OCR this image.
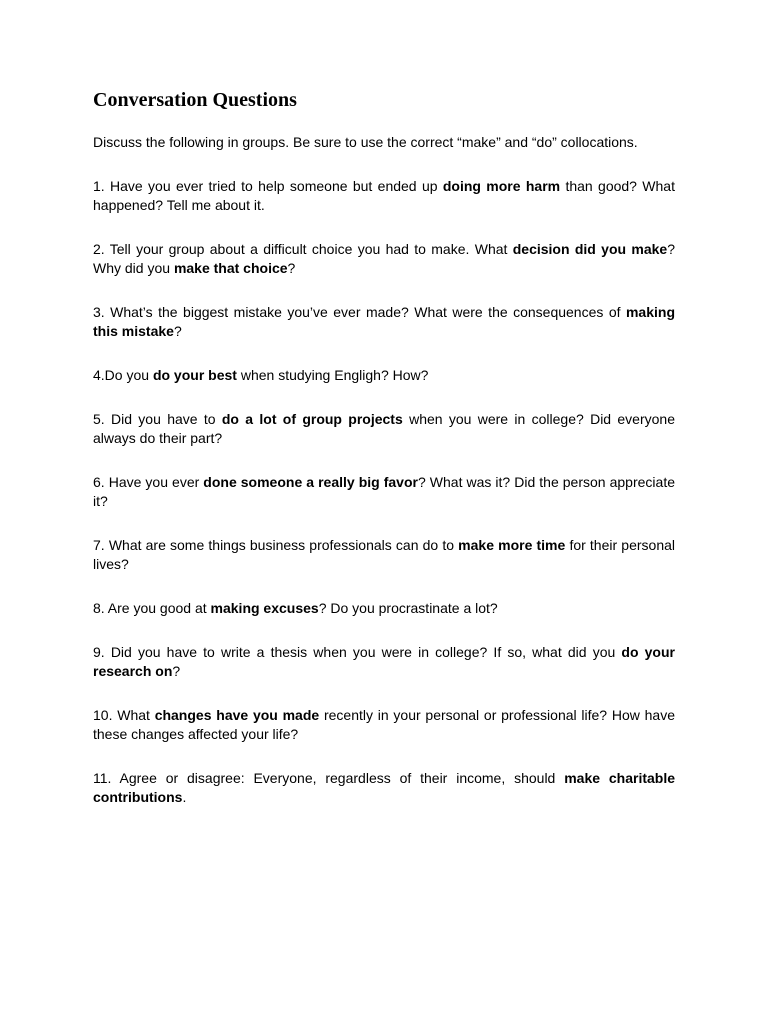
Conversation Questions

Discuss the following in groups. Be sure to use the correct “make” and “do” collocations.

1. Have you ever tried to help someone but ended up doing more harm than good? What happened? Tell me about it.

2. Tell your group about a difficult choice you had to make. What decision did you make? Why did you make that choice?

3. What’s the biggest mistake you’ve ever made? What were the consequences of making this mistake?

4.Do you do your best when studying Engligh? How?

5. Did you have to do a lot of group projects when you were in college? Did everyone always do their part?

6. Have you ever done someone a really big favor? What was it? Did the person appreciate it?

7. What are some things business professionals can do to make more time for their personal lives?

8. Are you good at making excuses? Do you procrastinate a lot?

9. Did you have to write a thesis when you were in college? If so, what did you do your research on?

10. What changes have you made recently in your personal or professional life? How have these changes affected your life?

11. Agree or disagree: Everyone, regardless of their income, should make charitable contributions.
